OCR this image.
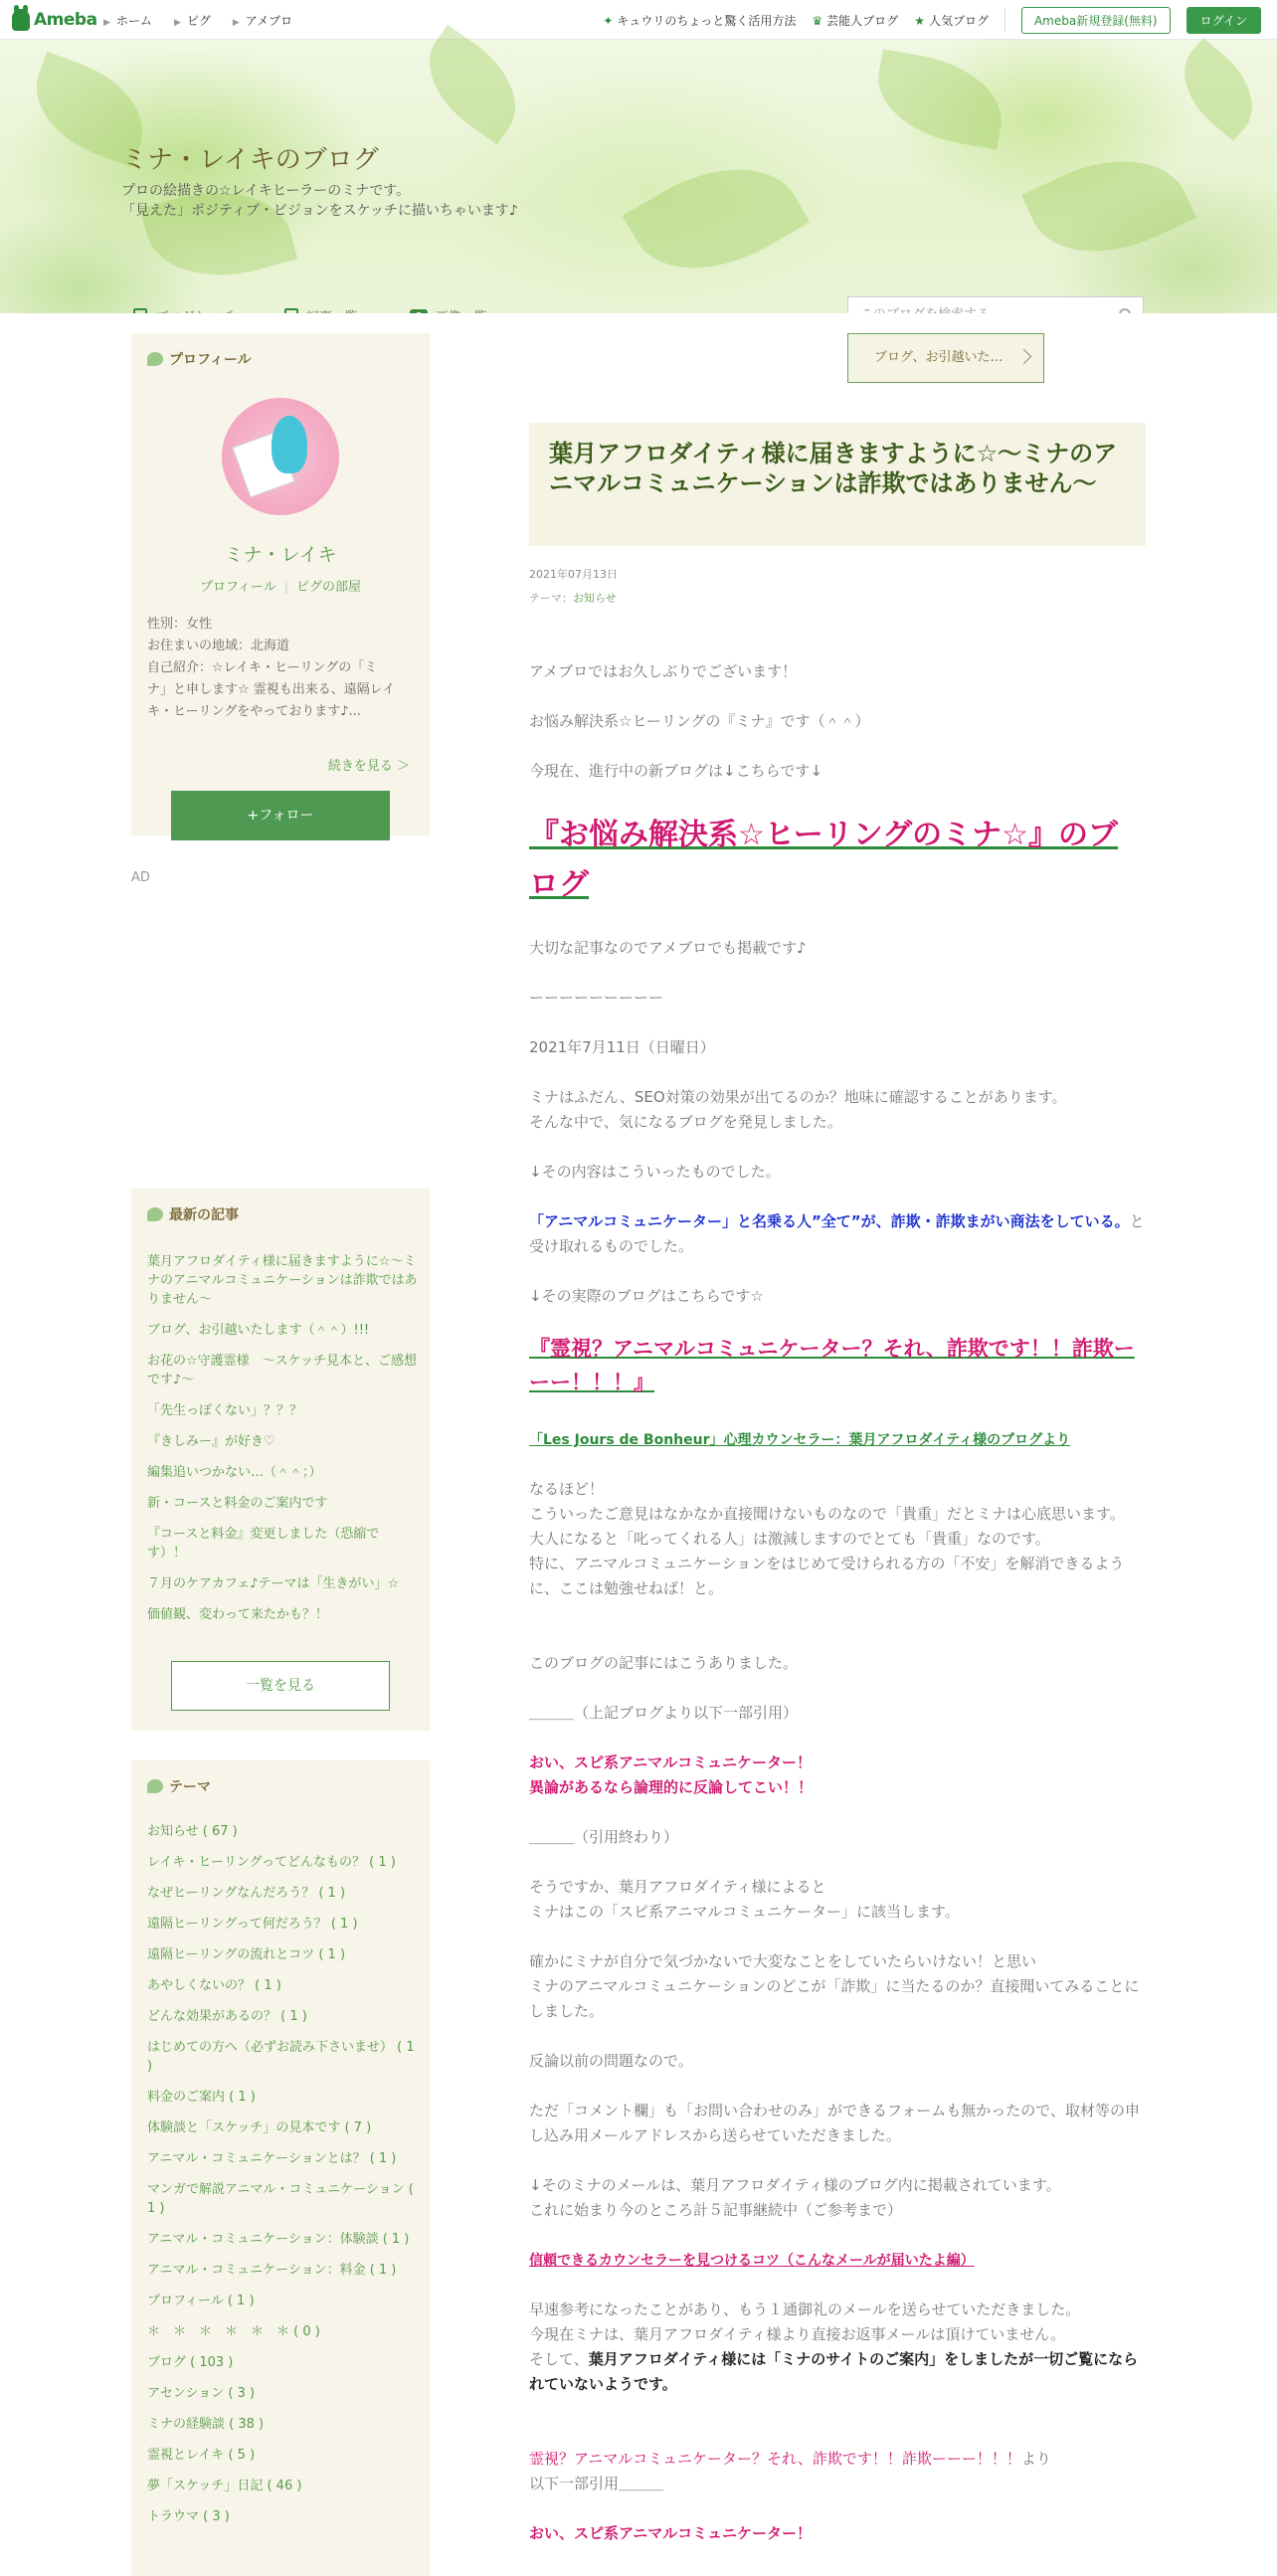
Ameba ▶ ホーム ▶ ピグ ▶ アメブロ	✦ キュウリのちょっと驚く活用方法 ♛ 芸能人ブログ ★ 人気ブログ	Ameba新規登録(無料)	ログイン
ミナ・レイキのブログ
プロの絵描きの☆レイキヒーラーのミナです。
「見えた」ポジティブ・ビジョンをスケッチに描いちゃいます♪
プロフィール
ミナ・レイキ
プロフィール | ピグの部屋
性別：女性
お住まいの地域：北海道
自己紹介：☆レイキ・ヒーリングの「ミ
ナ」と申します☆ 霊視も出来る、遠隔レイ
キ・ヒーリングをやっております♪...
続きを見る ＞
+フォロー
AD
最新の記事
葉月アフロダイティ様に届きますように☆〜ミナのアニマルコミュニケーションは詐欺ではありません〜
ブログ、お引越いたします（＾＾）!!!
お花の☆守護霊様　〜スケッチ見本と、ご感想です♪〜
「先生っぽくない」？？？
『きしみー』が好き♡
編集追いつかない…（＾＾；）
新・コースと料金のご案内です
『コースと料金』変更しました（恐縮です）！
７月のケアカフェ♪テーマは「生きがい」☆
価値観、変わって来たかも？！
一覧を見る
テーマ
お知らせ ( 67 )
レイキ・ヒーリングってどんなもの？ ( 1 )
なぜヒーリングなんだろう？ ( 1 )
遠隔ヒーリングって何だろう？ ( 1 )
遠隔ヒーリングの流れとコツ ( 1 )
あやしくないの？ ( 1 )
どんな効果があるの？ ( 1 )
はじめての方へ（必ずお読み下さいませ） ( 1 )
料金のご案内 ( 1 )
体験談と「スケッチ」の見本です ( 7 )
アニマル・コミュニケーションとは？ ( 1 )
マンガで解説アニマル・コミュニケーション ( 1 )
アニマル・コミュニケーション：体験談 ( 1 )
アニマル・コミュニケーション：料金 ( 1 )
プロフィール ( 1 )
＊　＊　＊　＊　＊　＊ ( 0 )
ブログ ( 103 )
アセンション ( 3 )
ミナの経験談 ( 38 )
霊視とレイキ ( 5 )
夢「スケッチ」日記 ( 46 )
トラウマ ( 3 )
ブログ、お引越いた…
葉月アフロダイティ様に届きますように☆〜ミナのアニマルコミュニケーションは詐欺ではありません〜
2021年07月13日
テーマ：お知らせ
アメブロではお久しぶりでございます！
お悩み解決系☆ヒーリングの『ミナ』です（＾＾）
今現在、進行中の新ブログは↓こちらです↓
『お悩み解決系☆ヒーリングのミナ☆』のブログ
大切な記事なのでアメブロでも掲載です♪
ーーーーーーーーー
2021年7月11日（日曜日）
ミナはふだん、SEO対策の効果が出てるのか？地味に確認することがあります。
そんな中で、気になるブログを発見しました。
↓その内容はこういったものでした。
「アニマルコミュニケーター」と名乗る人”全て”が、詐欺・詐欺まがい商法をしている。と受け取れるものでした。
↓その実際のブログはこちらです☆
『霊視？アニマルコミュニケーター？それ、詐欺です！！詐欺ーーー！！！』
「Les Jours de Bonheur」心理カウンセラー：葉月アフロダイティ様のブログより
なるほど！
こういったご意見はなかなか直接聞けないものなので「貴重」だとミナは心底思います。
大人になると「叱ってくれる人」は激減しますのでとても「貴重」なのです。
特に、アニマルコミュニケーションをはじめて受けられる方の「不安」を解消できるように、ここは勉強せねば！と。
このブログの記事にはこうありました。
＿＿＿（上記ブログより以下一部引用）
おい、スピ系アニマルコミュニケーター！
異論があるなら論理的に反論してこい！！
＿＿＿（引用終わり）
そうですか、葉月アフロダイティ様によると
ミナはこの「スピ系アニマルコミュニケーター」に該当します。
確かにミナが自分で気づかないで大変なことをしていたらいけない！と思い
ミナのアニマルコミュニケーションのどこが「詐欺」に当たるのか？直接聞いてみることにしました。
反論以前の問題なので。
ただ「コメント欄」も「お問い合わせのみ」ができるフォームも無かったので、取材等の申し込み用メールアドレスから送らせていただきました。
↓そのミナのメールは、葉月アフロダイティ様のブログ内に掲載されています。
これに始まり今のところ計５記事継続中（ご参考まで）
信頼できるカウンセラーを見つけるコツ（こんなメールが届いたよ編）
早速参考になったことがあり、もう１通御礼のメールを送らせていただきました。
今現在ミナは、葉月アフロダイティ様より直接お返事メールは頂けていません。
そして、葉月アフロダイティ様には「ミナのサイトのご案内」をしましたが一切ご覧になられていないようです。
霊視？アニマルコミュニケーター？それ、詐欺です！！詐欺ーーー！！！より
以下一部引用＿＿＿
おい、スピ系アニマルコミュニケーター！
